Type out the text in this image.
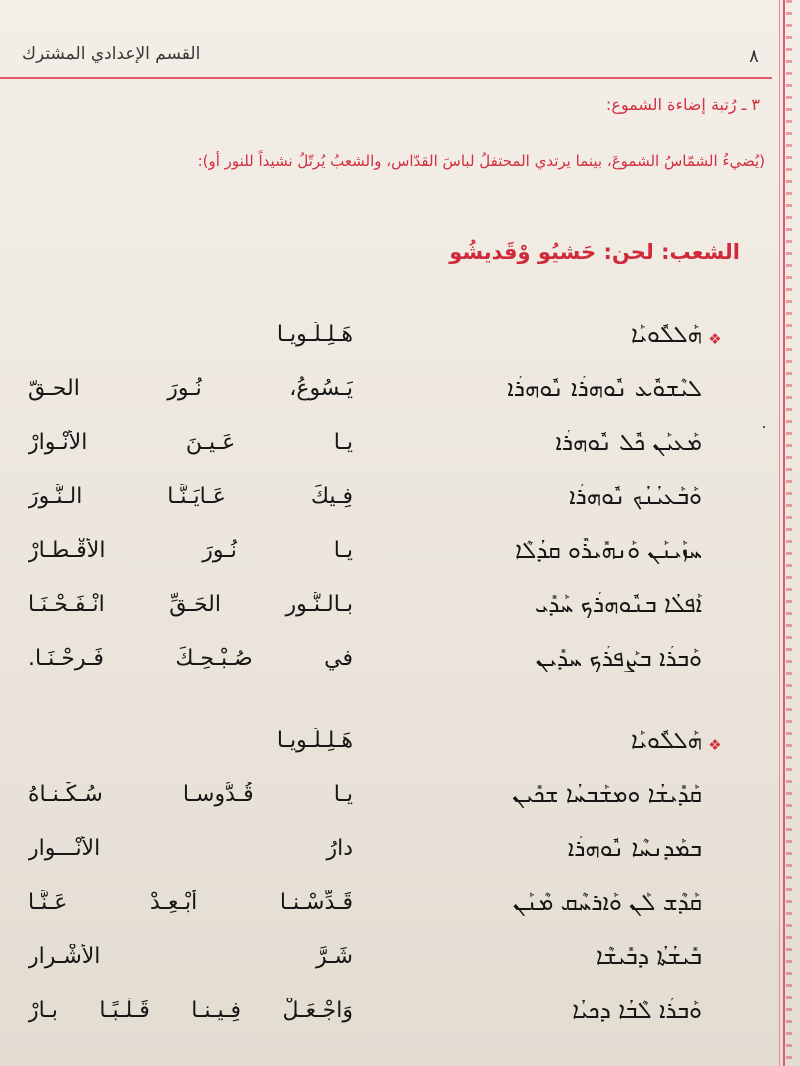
القسم الإعدادي المشترك	٨
٣ ـ رُتبة إضاءة الشموع:
(يُضيءُ الشمّاسُ الشموعَ، بينما يرتدي المحتفلُ لباسَ القدّاس، والشعبُ يُرتّلُ نشيداً للنور أو):
الشعب: لحن: حَشيُو وْقَديشُو
❖
ܗܰܠܠܽܘܝܰܐ
هَـلِـلُـويـا
ܠܝܶܫܘܽܥ ܢܽܘܗܪܳܐ ܢܽܘܗܪܳܐ
يَـسُوعُ، نُـورَ الحـقّ
ܡܰܥܝܰܢ ܟܽܠ ܢܽܘܗܪܳܐ
يـا عَـيـنَ الأنْـوارْ
ܘܰܒܰܥܝܳܢܳܟ ܢܽܘܗܪܳܐ
فِـيكَ عَـايَـنَّـا الـنُّـورَ
ܚܙܰܝܢܰܢ ܘܰܢܗܺܝܪܽܘ ܩܕܳܠܶܐ
يـا نُـورَ الأقْـطـارْ
ܐܰܦܠܳܐ ܒܢܽܘܗܪܳܟ ܚܰܕܺܝ
بـالـنُّـورِ الحَـقِّ انْـفَـحْـنَـا
ܘܰܒܪܳܐ ܒܨܰܦܪܳܟ ܚܕܺܝܢ
في صُـبْـحِـكَ فَـرِحْـنَـا.
❖
ܗܰܠܠܽܘܝܰܐ
هَـلِـلُـويـا
ܩܰܕܺܝܫܳܐ ܘܡܫܰܒܚܳܐ ܫܟܺܝܢ
يـا قُـدُّوسـا سُـكْـنـاهُ
ܒܡܰܕܢܚܶܐ ܢܽܘܗܪܳܐ
دارُ الأنْـــوارِ
ܩܰܕܶܫ ܠܰܢ ܘܰܐܪܚܶܩ ܡܶܢܰܢ
قَـدِّسْـنـا أبْـعِـدْ عَـنَّـا
ܒܺܝܫܳܬܳܐ ܕܒܺܝܫܶܐ
شَـرَّ الأشْـرارِ
ܘܰܒܪܳܐ ܠܶܒܳܐ ܕܟܝܳܐ
وَاجْـعَـلْ فِـيـنـا قَـلْـبًـا بـارْ
